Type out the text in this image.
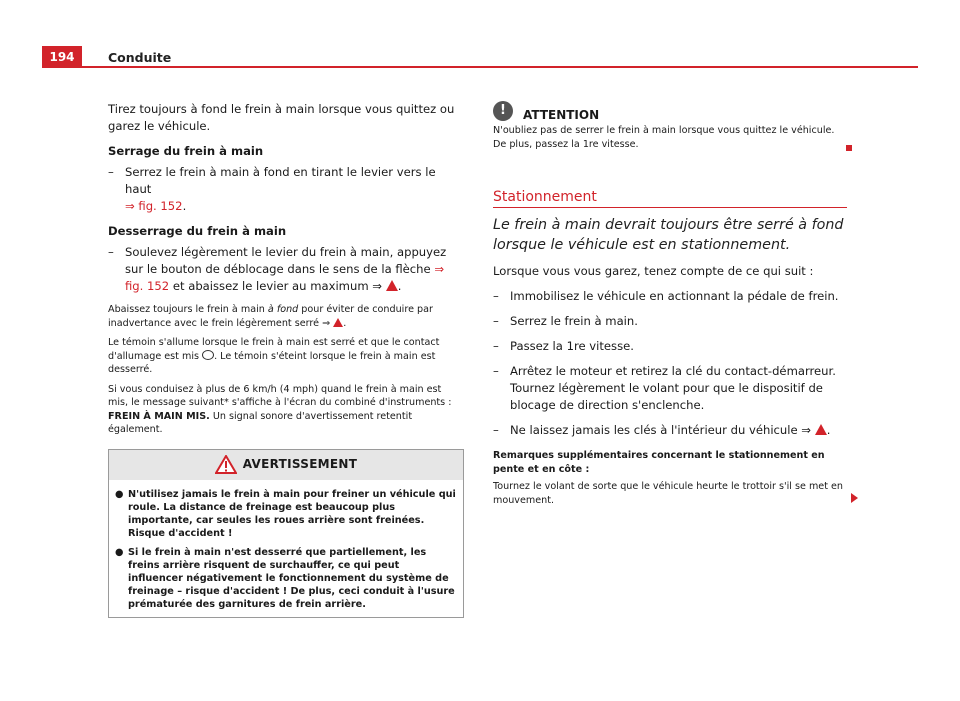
194	Conduite

Tirez toujours à fond le frein à main lorsque vous quittez ou garez le véhicule.

Serrage du frein à main

– Serrez le frein à main à fond en tirant le levier vers le haut
⇒ fig. 152.

Desserrage du frein à main

– Soulevez légèrement le levier du frein à main, appuyez sur le bouton de déblocage dans le sens de la flèche ⇒ fig. 152 et abaissez le levier au maximum ⇒ .

Abaissez toujours le frein à main à fond pour éviter de conduire par inadvertance avec le frein légèrement serré ⇒ .

Le témoin s'allume lorsque le frein à main est serré et que le contact d'allumage est mis . Le témoin s'éteint lorsque le frein à main est desserré.

Si vous conduisez à plus de 6 km/h (4 mph) quand le frein à main est mis, le message suivant* s'affiche à l'écran du combiné d'instruments : FREIN À MAIN MIS. Un signal sonore d'avertissement retentit également.

AVERTISSEMENT
● N'utilisez jamais le frein à main pour freiner un véhicule qui roule. La distance de freinage est beaucoup plus importante, car seules les roues arrière sont freinées. Risque d'accident !
● Si le frein à main n'est desserré que partiellement, les freins arrière risquent de surchauffer, ce qui peut influencer négativement le fonctionnement du système de freinage – risque d'accident ! De plus, ceci conduit à l'usure prématurée des garnitures de frein arrière.
!	ATTENTION
N'oubliez pas de serrer le frein à main lorsque vous quittez le véhicule. De plus, passez la 1re vitesse.
Stationnement
Le frein à main devrait toujours être serré à fond lorsque le véhicule est en stationnement.

Lorsque vous vous garez, tenez compte de ce qui suit :

– Immobilisez le véhicule en actionnant la pédale de frein.
– Serrez le frein à main.
– Passez la 1re vitesse.
– Arrêtez le moteur et retirez la clé du contact-démarreur. Tournez légèrement le volant pour que le dispositif de blocage de direction s'enclenche.
– Ne laissez jamais les clés à l'intérieur du véhicule ⇒ .

Remarques supplémentaires concernant le stationnement en pente et en côte :

Tournez le volant de sorte que le véhicule heurte le trottoir s'il se met en mouvement.
